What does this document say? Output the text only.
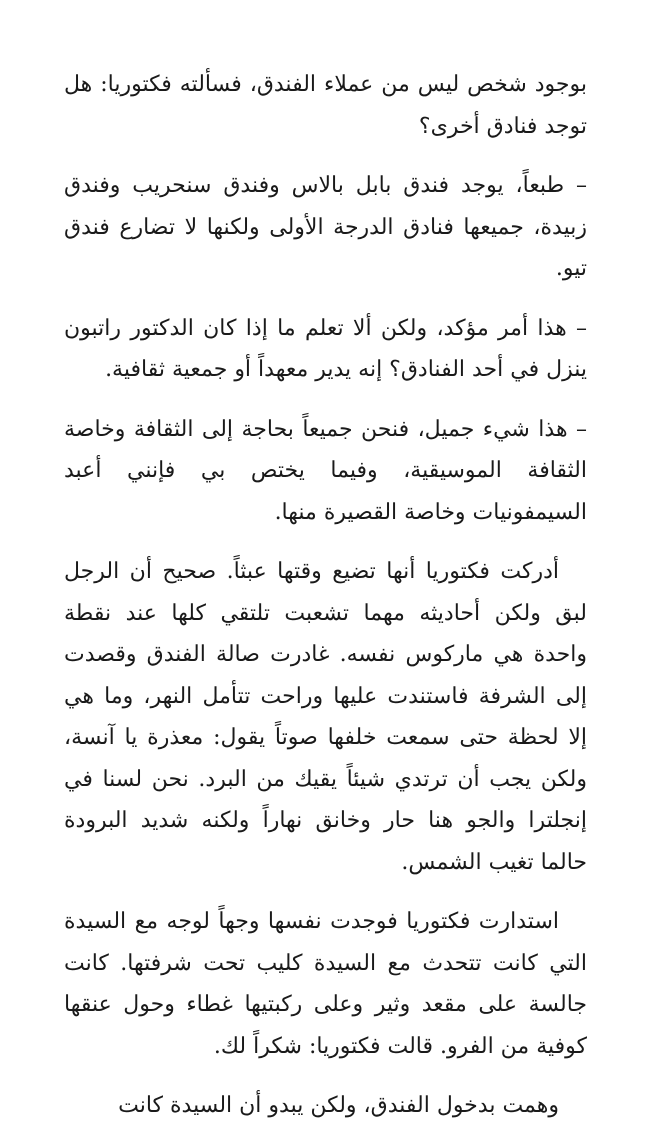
بوجود شخص ليس من عملاء الفندق، فسألته فكتوريا: هل توجد فنادق أخرى؟

– طبعاً، يوجد فندق بابل بالاس وفندق سنحريب وفندق زبيدة، جميعها فنادق الدرجة الأولى ولكنها لا تضارع فندق تيو.

– هذا أمر مؤكد، ولكن ألا تعلم ما إذا كان الدكتور راتبون ينزل في أحد الفنادق؟ إنه يدير معهداً أو جمعية ثقافية.

– هذا شيء جميل، فنحن جميعاً بحاجة إلى الثقافة وخاصة الثقافة الموسيقية، وفيما يختص بي فإنني أعبد السيمفونيات وخاصة القصيرة منها.

أدركت فكتوريا أنها تضيع وقتها عبثاً. صحيح أن الرجل لبق ولكن أحاديثه مهما تشعبت تلتقي كلها عند نقطة واحدة هي ماركوس نفسه. غادرت صالة الفندق وقصدت إلى الشرفة فاستندت عليها وراحت تتأمل النهر، وما هي إلا لحظة حتى سمعت خلفها صوتاً يقول: معذرة يا آنسة، ولكن يجب أن ترتدي شيئاً يقيك من البرد. نحن لسنا في إنجلترا والجو هنا حار وخانق نهاراً ولكنه شديد البرودة حالما تغيب الشمس.

استدارت فكتوريا فوجدت نفسها وجهاً لوجه مع السيدة التي كانت تتحدث مع السيدة كليب تحت شرفتها. كانت جالسة على مقعد وثير وعلى ركبتيها غطاء وحول عنقها كوفية من الفرو. قالت فكتوريا: شكراً لك.

وهمت بدخول الفندق، ولكن يبدو أن السيدة كانت
